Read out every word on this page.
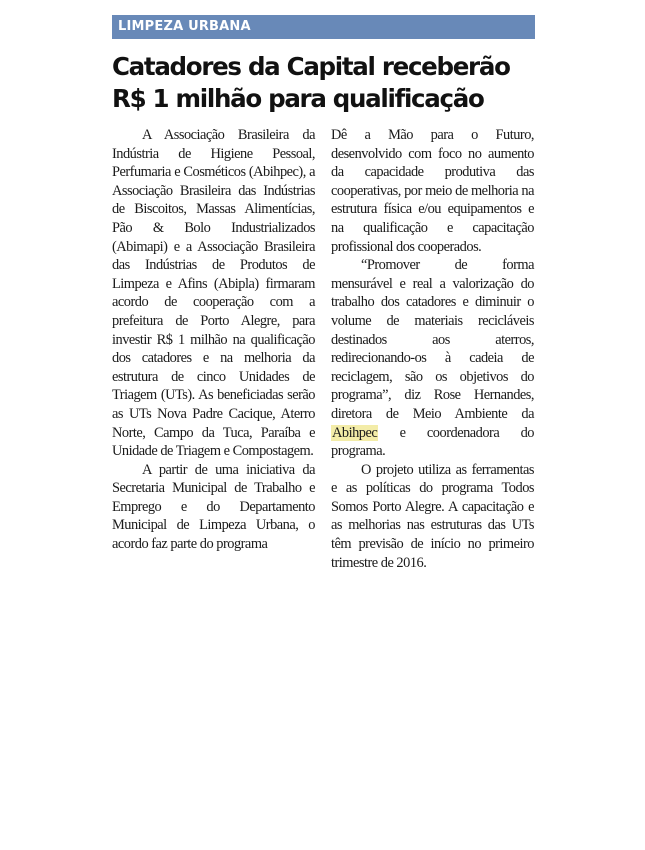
LIMPEZA URBANA
Catadores da Capital receberão
R$ 1 milhão para qualificação

A Associação Brasileira da Indústria de Higiene Pessoal, Perfumaria e Cosméticos (Abihpec), a Associação Brasileira das Indústrias de Biscoitos, Massas Alimentícias, Pão & Bolo Industrializados (Abimapi) e a Associação Brasileira das Indústrias de Produtos de Limpeza e Afins (Abipla) firmaram acordo de cooperação com a prefeitura de Porto Alegre, para investir R$ 1 milhão na qualificação dos catadores e na melhoria da estrutura de cinco Unidades de Triagem (UTs). As beneficiadas serão as UTs Nova Padre Cacique, Aterro Norte, Campo da Tuca, Paraíba e Unidade de Triagem e Compostagem.

A partir de uma iniciativa da Secretaria Municipal de Trabalho e Emprego e do Departamento Municipal de Limpeza Urbana, o acordo faz parte do programa

Dê a Mão para o Futuro, desenvolvido com foco no aumento da capacidade produtiva das cooperativas, por meio de melhoria na estrutura física e/ou equipamentos e na qualificação e capacitação profissional dos cooperados.

“Promover de forma mensurável e real a valorização do trabalho dos catadores e diminuir o volume de materiais recicláveis destinados aos aterros, redirecionando-os à cadeia de reciclagem, são os objetivos do programa”, diz Rose Hernandes, diretora de Meio Ambiente da Abihpec e coordenadora do programa.

O projeto utiliza as ferramentas e as políticas do programa Todos Somos Porto Alegre. A capacitação e as melhorias nas estruturas das UTs têm previsão de início no primeiro trimestre de 2016.
